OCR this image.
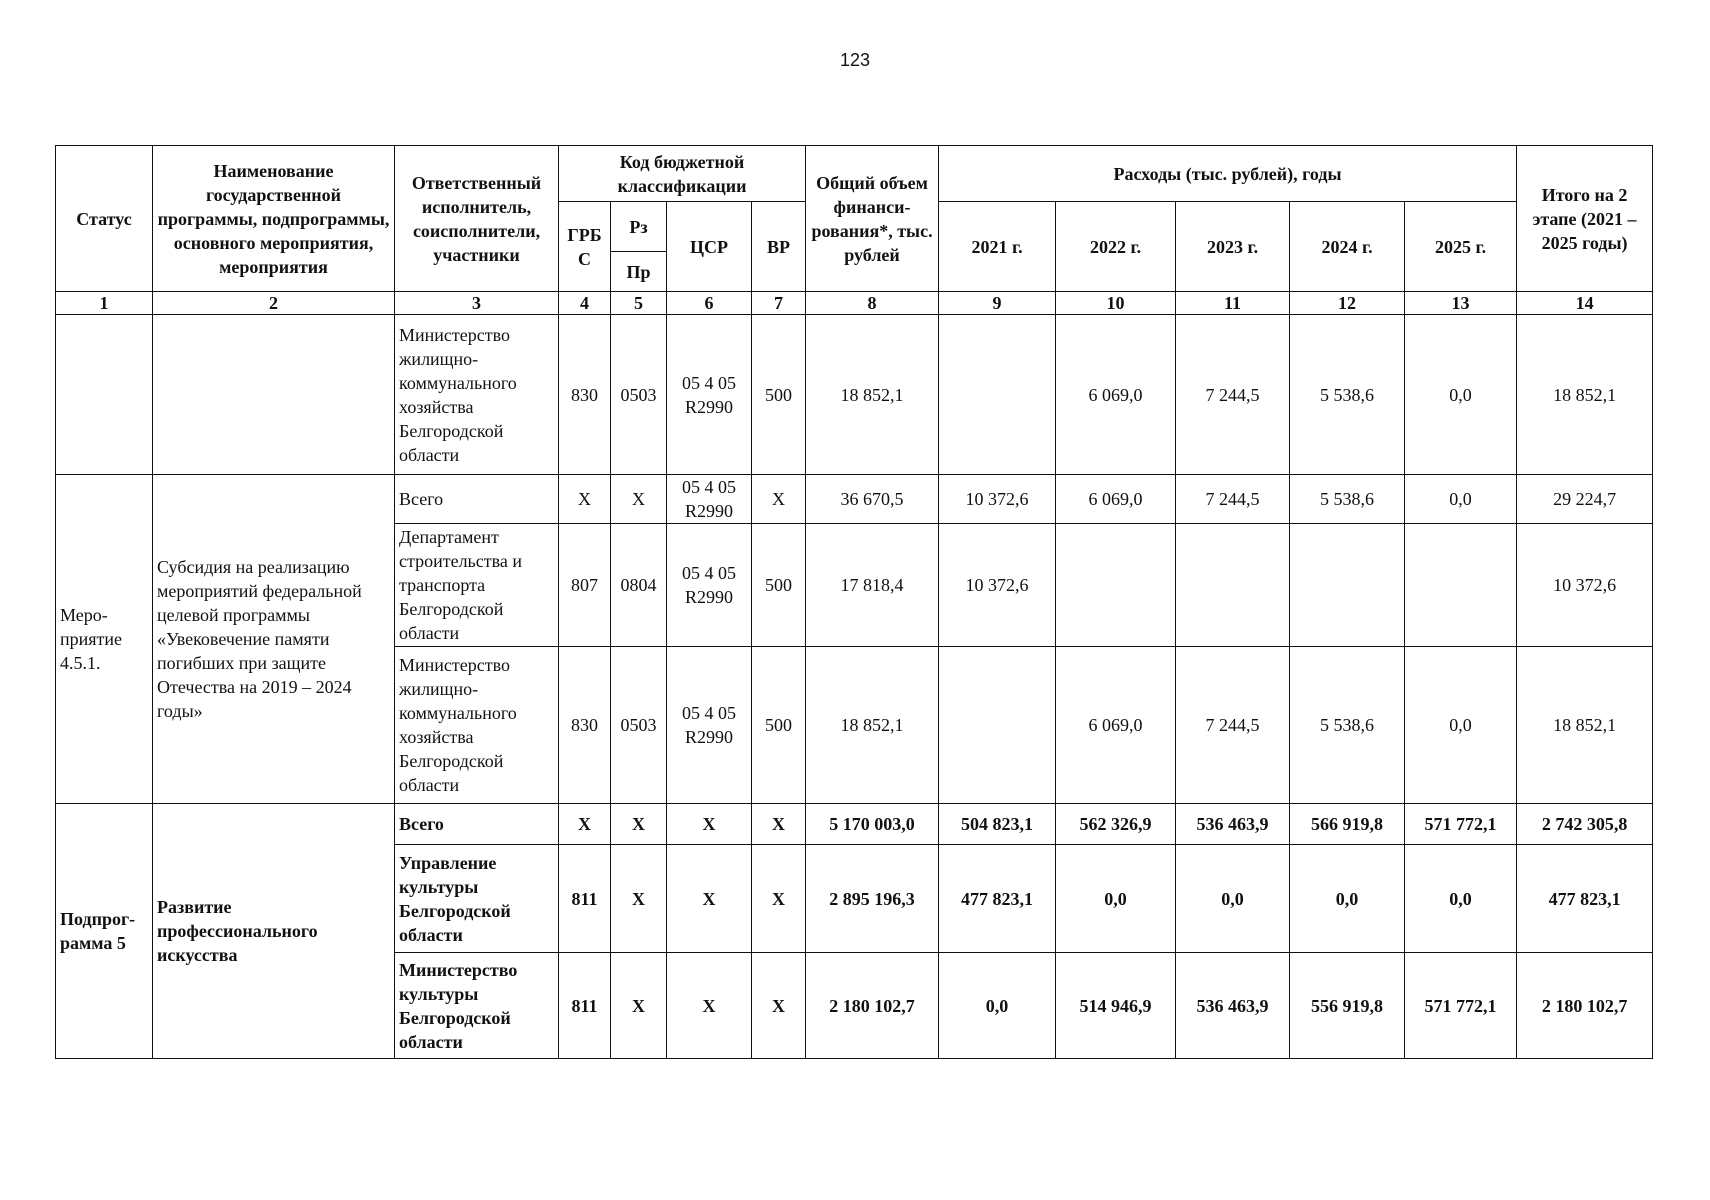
123
Статус	Наименование государственной программы, подпрограммы, основного мероприятия, мероприятия	Ответственный исполнитель, соисполнители, участники	Код бюджетной классификации				Общий объем финанси- рования*, тыс. рублей	Расходы (тыс. рублей), годы					Итого на 2 этапе (2021 – 2025 годы)
			ГРБ С	Рз	ЦСР	ВР		2021 г.	2022 г.	2023 г.	2024 г.	2025 г.	
				Пр									
1	2	3	4	5	6	7	8	9	10	11	12	13	14
		Министерство жилищно- коммунального хозяйства Белгородской области	830	0503	05 4 05 R2990	500	18 852,1		6 069,0	7 244,5	5 538,6	0,0	18 852,1
Меро- приятие 4.5.1.	Субсидия на реализацию мероприятий федеральной целевой программы «Увековечение памяти погибших при защите Отечества на 2019 – 2024 годы»	Всего	X	X	05 4 05 R2990	X	36 670,5	10 372,6	6 069,0	7 244,5	5 538,6	0,0	29 224,7
		Департамент строительства и транспорта Белгородской области	807	0804	05 4 05 R2990	500	17 818,4	10 372,6					10 372,6
		Министерство жилищно- коммунального хозяйства Белгородской области	830	0503	05 4 05 R2990	500	18 852,1		6 069,0	7 244,5	5 538,6	0,0	18 852,1
Подпрог- рамма 5	Развитие профессионального искусства	Всего	X	X	X	X	5 170 003,0	504 823,1	562 326,9	536 463,9	566 919,8	571 772,1	2 742 305,8
		Управление культуры Белгородской области	811	X	X	X	2 895 196,3	477 823,1	0,0	0,0	0,0	0,0	477 823,1
		Министерство культуры Белгородской области	811	X	X	X	2 180 102,7	0,0	514 946,9	536 463,9	556 919,8	571 772,1	2 180 102,7
